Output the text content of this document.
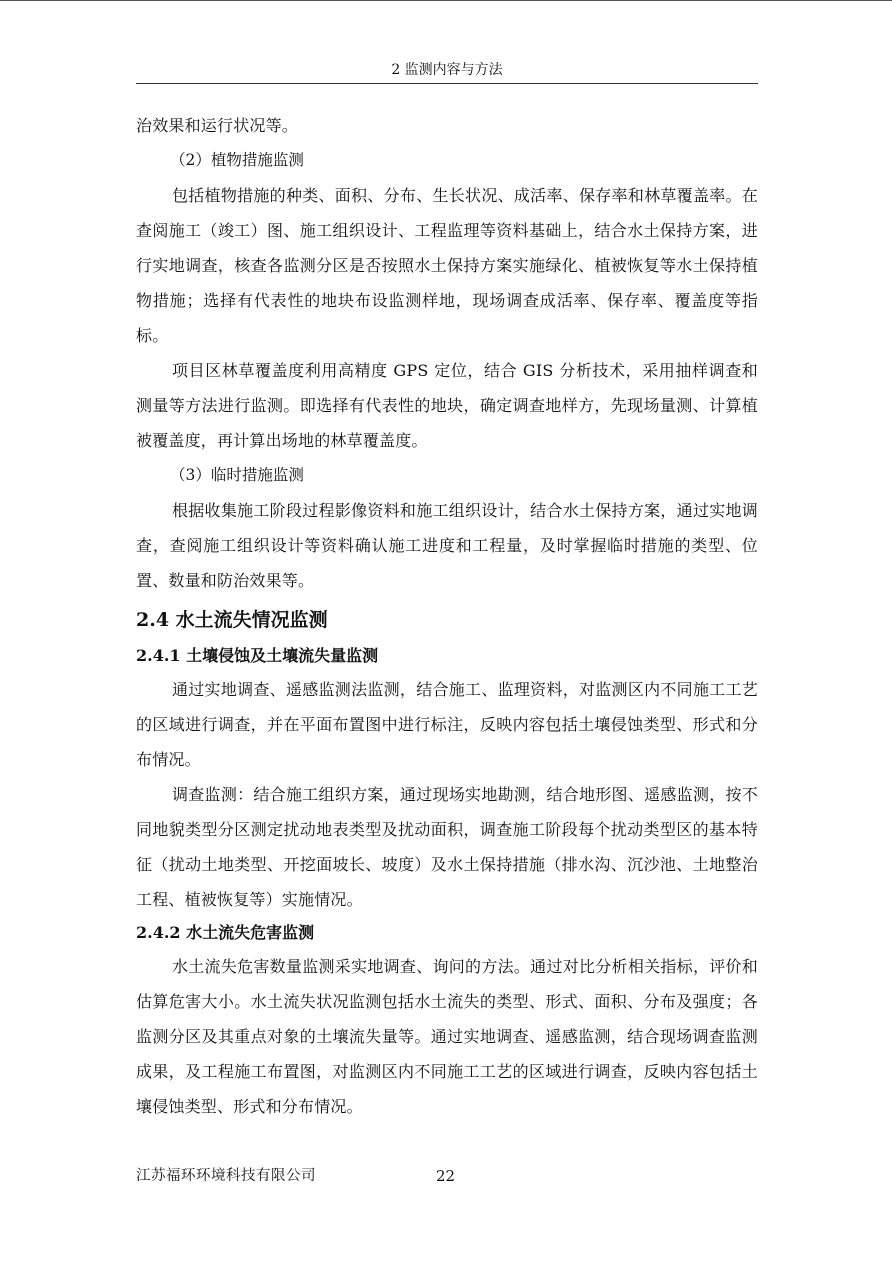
2 监测内容与方法

治效果和运行状况等。

（2）植物措施监测

包括植物措施的种类、面积、分布、生长状况、成活率、保存率和林草覆盖率。在查阅施工（竣工）图、施工组织设计、工程监理等资料基础上，结合水土保持方案，进行实地调查，核查各监测分区是否按照水土保持方案实施绿化、植被恢复等水土保持植物措施；选择有代表性的地块布设监测样地，现场调查成活率、保存率、覆盖度等指标。

项目区林草覆盖度利用高精度 GPS 定位，结合 GIS 分析技术，采用抽样调查和测量等方法进行监测。即选择有代表性的地块，确定调查地样方，先现场量测、计算植被覆盖度，再计算出场地的林草覆盖度。

（3）临时措施监测

根据收集施工阶段过程影像资料和施工组织设计，结合水土保持方案，通过实地调查，查阅施工组织设计等资料确认施工进度和工程量，及时掌握临时措施的类型、位置、数量和防治效果等。

2.4 水土流失情况监测
2.4.1 土壤侵蚀及土壤流失量监测

通过实地调查、遥感监测法监测，结合施工、监理资料，对监测区内不同施工工艺的区域进行调查，并在平面布置图中进行标注，反映内容包括土壤侵蚀类型、形式和分布情况。

调查监测：结合施工组织方案，通过现场实地勘测，结合地形图、遥感监测，按不同地貌类型分区测定扰动地表类型及扰动面积，调查施工阶段每个扰动类型区的基本特征（扰动土地类型、开挖面坡长、坡度）及水土保持措施（排水沟、沉沙池、土地整治工程、植被恢复等）实施情况。

2.4.2 水土流失危害监测

水土流失危害数量监测采实地调查、询问的方法。通过对比分析相关指标，评价和估算危害大小。水土流失状况监测包括水土流失的类型、形式、面积、分布及强度；各监测分区及其重点对象的土壤流失量等。通过实地调查、遥感监测，结合现场调查监测成果，及工程施工布置图，对监测区内不同施工工艺的区域进行调查，反映内容包括土壤侵蚀类型、形式和分布情况。

江苏福环环境科技有限公司	22
